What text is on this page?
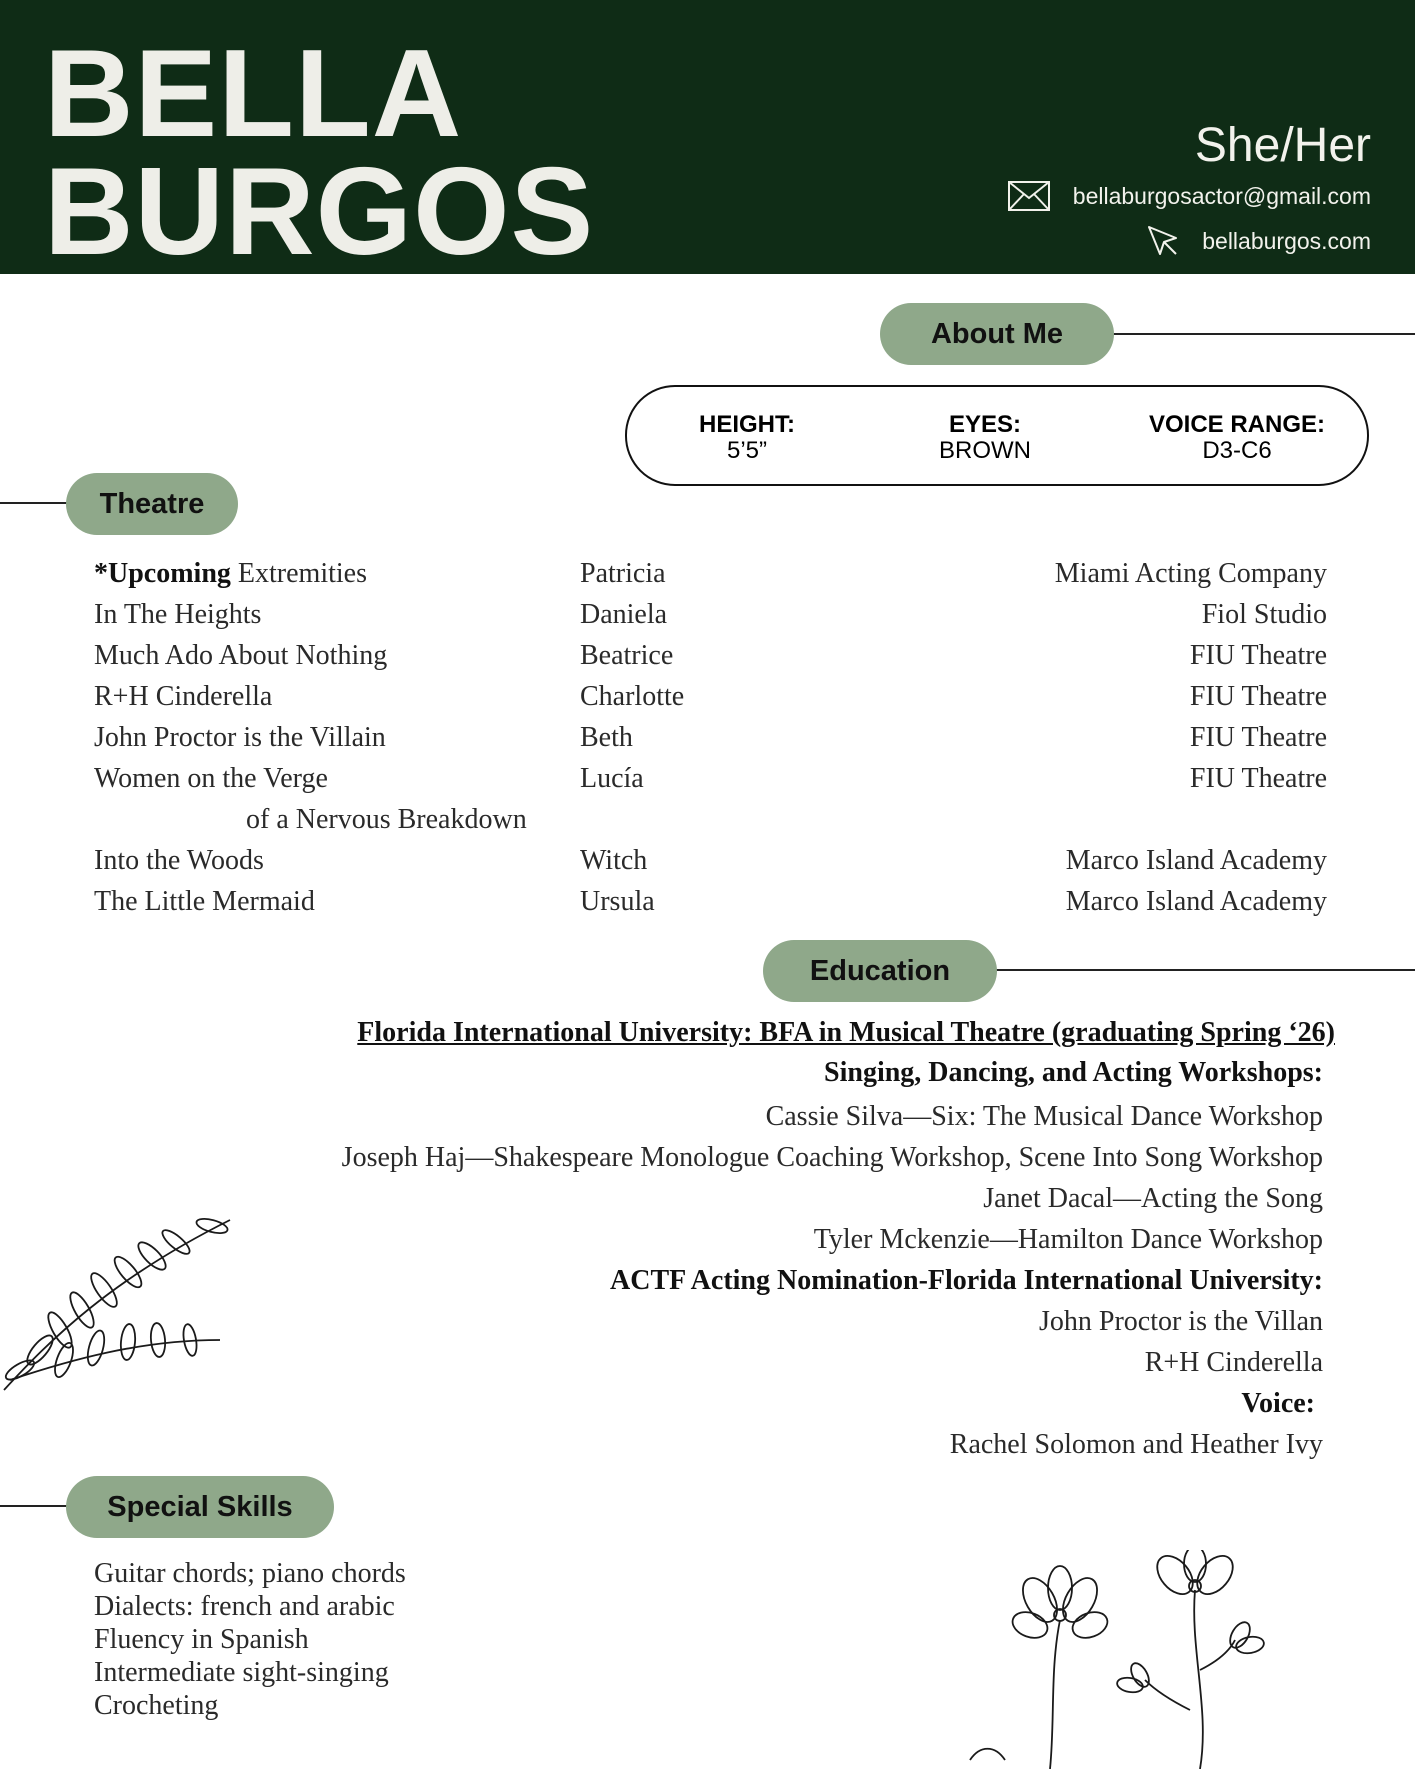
BELLA
BURGOS	She/Her
bellaburgosactor@gmail.com
bellaburgos.com
About Me
HEIGHT:
5’5”
EYES:
BROWN
VOICE RANGE:
D3-C6
Theatre
*Upcoming Extremities	Patricia	Miami Acting Company
In The Heights	Daniela	Fiol Studio
Much Ado About Nothing	Beatrice	FIU Theatre
R+H Cinderella	Charlotte	FIU Theatre
John Proctor is the Villain	Beth	FIU Theatre
Women on the Verge	Lucía	FIU Theatre
of a Nervous Breakdown
Into the Woods	Witch	Marco Island Academy
The Little Mermaid	Ursula	Marco Island Academy
Education
Florida International University: BFA in Musical Theatre (graduating Spring ‘26)
Singing, Dancing, and Acting Workshops:
Cassie Silva—Six: The Musical Dance Workshop
Joseph Haj—Shakespeare Monologue Coaching Workshop, Scene Into Song Workshop
Janet Dacal—Acting the Song
Tyler Mckenzie—Hamilton Dance Workshop
ACTF Acting Nomination-Florida International University:
John Proctor is the Villan
R+H Cinderella
Voice:
Rachel Solomon and Heather Ivy
Special Skills
Guitar chords; piano chords
Dialects: french and arabic
Fluency in Spanish
Intermediate sight-singing
Crocheting
